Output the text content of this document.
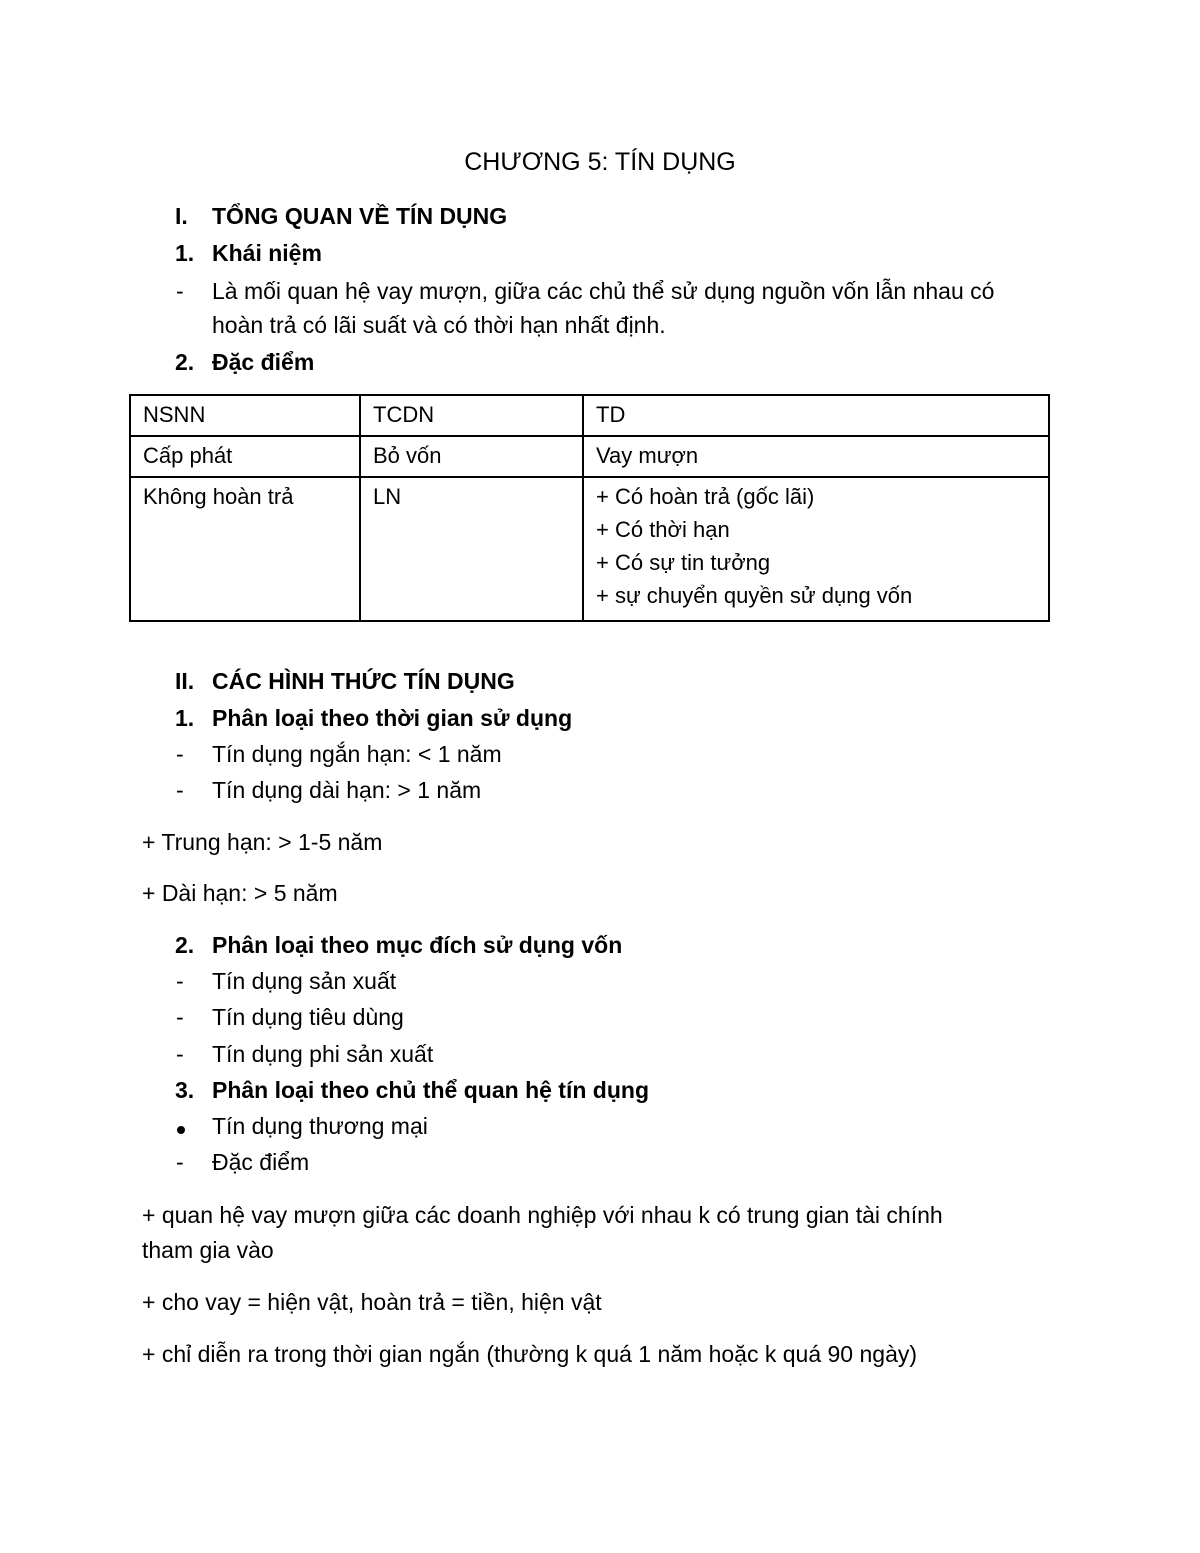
CHƯƠNG 5: TÍN DỤNG
I. TỔNG QUAN VỀ TÍN DỤNG
1. Khái niệm
- Là mối quan hệ vay mượn, giữa các chủ thể sử dụng nguồn vốn lẫn nhau có
hoàn trả có lãi suất và có thời hạn nhất định.
2. Đặc điểm
NSNN	TCDN	TD
Cấp phát	Bỏ vốn	Vay mượn
Không hoàn trả	LN	+ Có hoàn trả (gốc lãi)
+ Có thời hạn
+ Có sự tin tưởng
+ sự chuyển quyền sử dụng vốn
II. CÁC HÌNH THỨC TÍN DỤNG
1. Phân loại theo thời gian sử dụng
- Tín dụng ngắn hạn: < 1 năm
- Tín dụng dài hạn: > 1 năm
+ Trung hạn: > 1-5 năm
+ Dài hạn: > 5 năm
2. Phân loại theo mục đích sử dụng vốn
- Tín dụng sản xuất
- Tín dụng tiêu dùng
- Tín dụng phi sản xuất
3. Phân loại theo chủ thể quan hệ tín dụng
Tín dụng thương mại
- Đặc điểm
+ quan hệ vay mượn giữa các doanh nghiệp với nhau k có trung gian tài chính
tham gia vào
+ cho vay = hiện vật, hoàn trả = tiền, hiện vật
+ chỉ diễn ra trong thời gian ngắn (thường k quá 1 năm hoặc k quá 90 ngày)
